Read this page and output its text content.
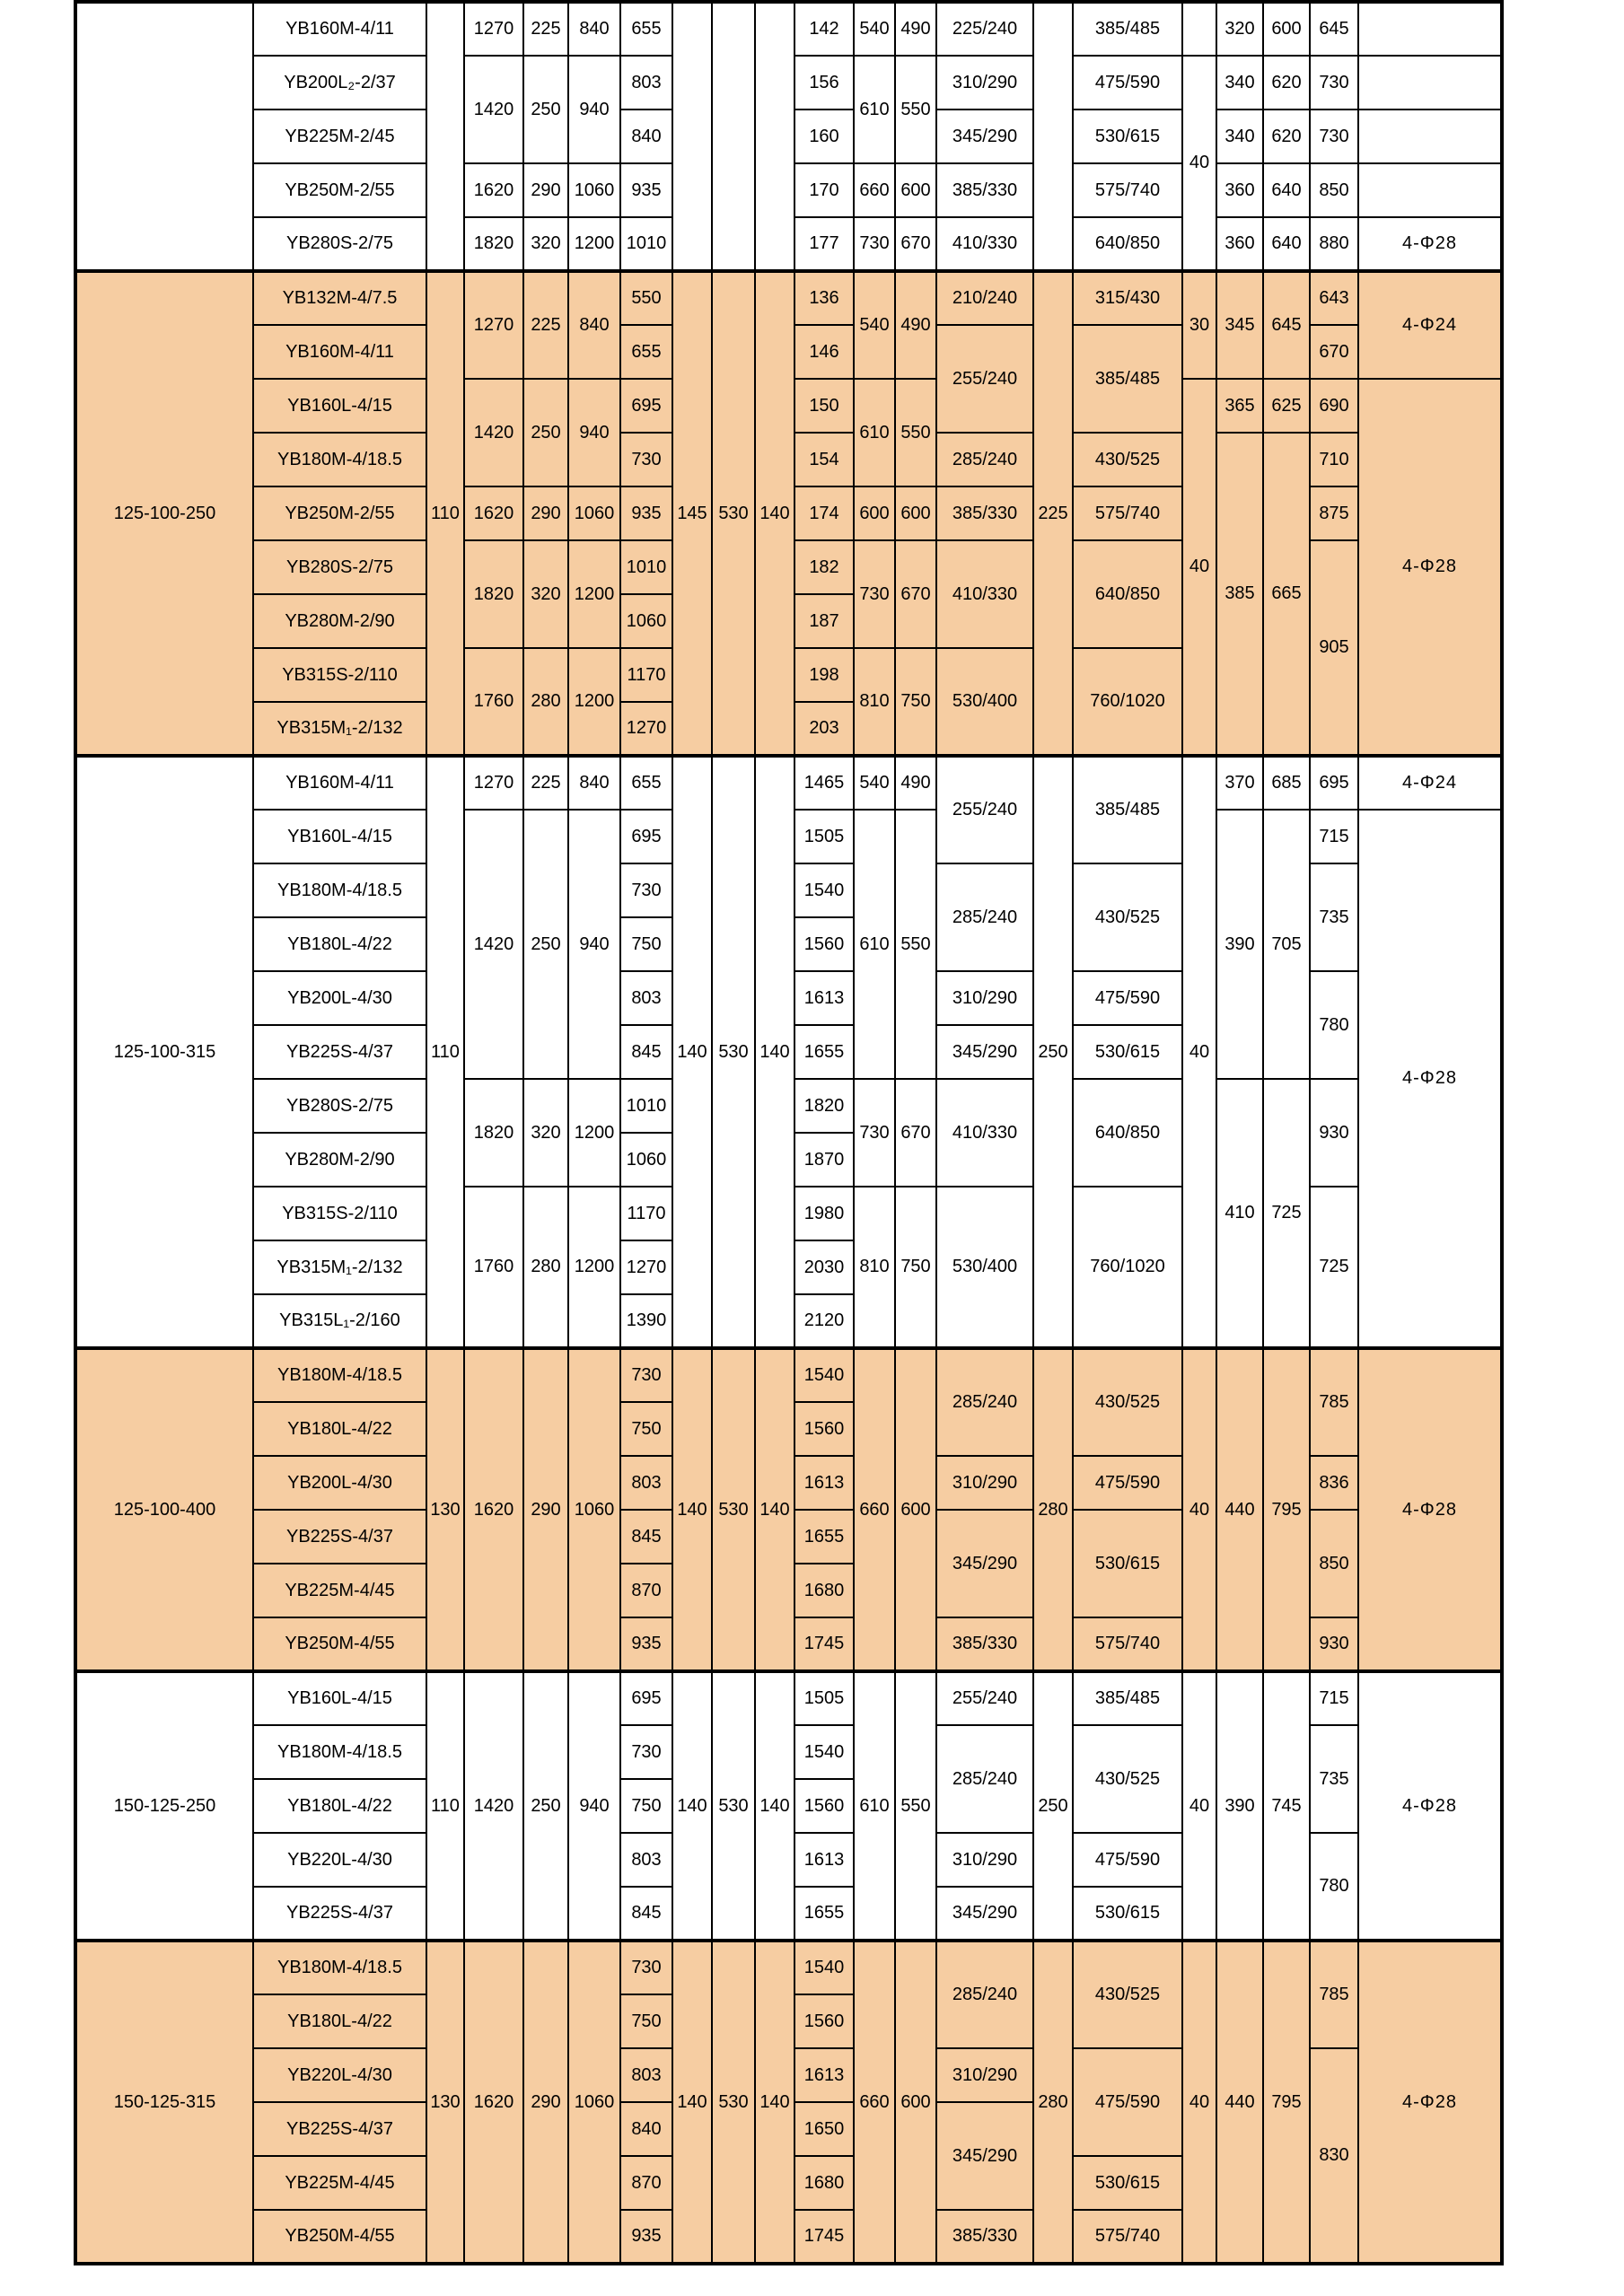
	YB160M-4/11		1270	225	840	655				142	540	490	225/240		385/485		320	600	645	
	YB200L₂-2/37		1420	250	940	803				156	610	550	310/290		475/590	40	340	620	730	
	YB225M-2/45					840				160			345/290		530/615		340	620	730	
	YB250M-2/55		1620	290	1060	935				170	660	600	385/330		575/740		360	640	850	
	YB280S-2/75		1820	320	1200	1010				177	730	670	410/330		640/850		360	640	880	4-Φ28
125-100-250	YB132M-4/7.5	110	1270	225	840	550	145	530	140	136	540	490	210/240	225	315/430	30	345	645	643	4-Φ24
	YB160M-4/11					655				146			255/240		385/485				670	
	YB160L-4/15		1420	250	940	695				150	610	550				40	365	625	690	4-Φ28
	YB180M-4/18.5					730				154			285/240		430/525		385	665	710	
	YB250M-2/55		1620	290	1060	935				174	600	600	385/330		575/740				875	
	YB280S-2/75		1820	320	1200	1010				182	730	670	410/330		640/850				905	
	YB280M-2/90					1060				187										
	YB315S-2/110		1760	280	1200	1170				198	810	750	530/400		760/1020					
	YB315M₁-2/132					1270				203										
125-100-315	YB160M-4/11	110	1270	225	840	655	140	530	140	1465	540	490	255/240	250	385/485	40	370	685	695	4-Φ24
	YB160L-4/15		1420	250	940	695				1505	610	550					390	705	715	4-Φ28
	YB180M-4/18.5					730				1540			285/240		430/525				735	
	YB180L-4/22					750				1560										
	YB200L-4/30					803				1613			310/290		475/590				780	
	YB225S-4/37					845				1655			345/290		530/615					
	YB280S-2/75		1820	320	1200	1010				1820	730	670	410/330		640/850		410	725	930	
	YB280M-2/90					1060				1870										
	YB315S-2/110		1760	280	1200	1170				1980	810	750	530/400		760/1020				725	
	YB315M₁-2/132					1270				2030										
	YB315L₁-2/160					1390				2120										
125-100-400	YB180M-4/18.5	130	1620	290	1060	730	140	530	140	1540	660	600	285/240	280	430/525	40	440	795	785	4-Φ28
	YB180L-4/22					750				1560										
	YB200L-4/30					803				1613			310/290		475/590				836	
	YB225S-4/37					845				1655			345/290		530/615				850	
	YB225M-4/45					870				1680										
	YB250M-4/55					935				1745			385/330		575/740				930	
150-125-250	YB160L-4/15	110	1420	250	940	695	140	530	140	1505	610	550	255/240	250	385/485	40	390	745	715	4-Φ28
	YB180M-4/18.5					730				1540			285/240		430/525				735	
	YB180L-4/22					750				1560										
	YB220L-4/30					803				1613			310/290		475/590				780	
	YB225S-4/37					845				1655			345/290		530/615					
150-125-315	YB180M-4/18.5	130	1620	290	1060	730	140	530	140	1540	660	600	285/240	280	430/525	40	440	795	785	4-Φ28
	YB180L-4/22					750				1560										
	YB220L-4/30					803				1613			310/290		475/590				830	
	YB225S-4/37					840				1650			345/290							
	YB225M-4/45					870				1680					530/615					
	YB250M-4/55					935				1745			385/330		575/740					
